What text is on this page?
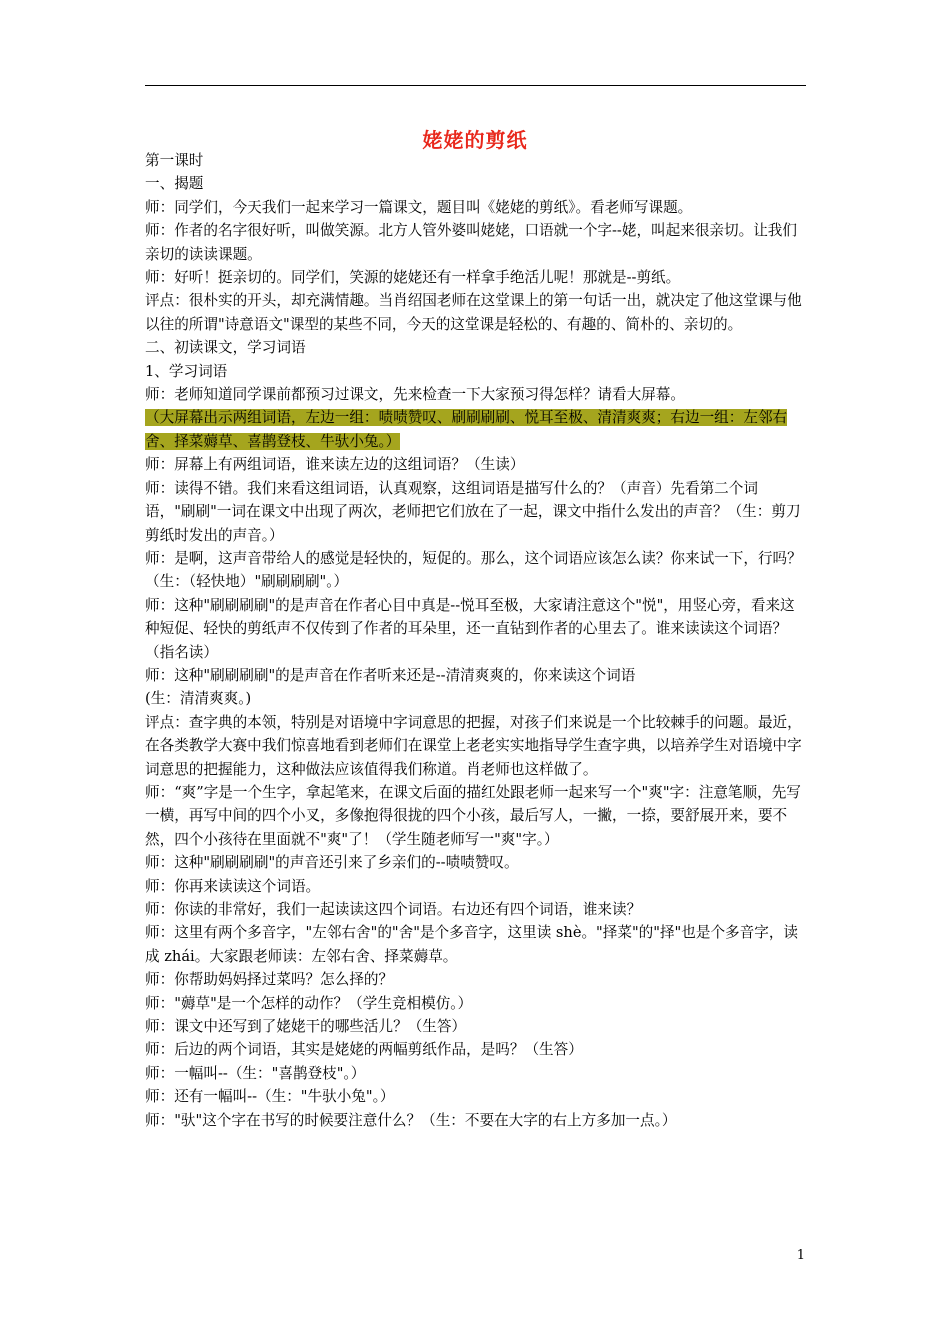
姥姥的剪纸

第一课时

一、揭题

师：同学们，今天我们一起来学习一篇课文，题目叫《姥姥的剪纸》。看老师写课题。

师：作者的名字很好听，叫做笑源。北方人管外婆叫姥姥，口语就一个字--姥，叫起来很亲切。让我们亲切的读读课题。

师：好听！挺亲切的。同学们，笑源的姥姥还有一样拿手绝活儿呢！那就是--剪纸。

评点：很朴实的开头，却充满情趣。当肖绍国老师在这堂课上的第一句话一出，就决定了他这堂课与他以往的所谓"诗意语文"课型的某些不同，今天的这堂课是轻松的、有趣的、简朴的、亲切的。

二、初读课文，学习词语

1、学习词语

师：老师知道同学课前都预习过课文，先来检查一下大家预习得怎样？请看大屏幕。

（大屏幕出示两组词语，左边一组：啧啧赞叹、刷刷刷刷、悦耳至极、清清爽爽；右边一组：左邻右舍、择菜薅草、喜鹊登枝、牛驮小兔。）

师：屏幕上有两组词语，谁来读左边的这组词语？（生读）

师：读得不错。我们来看这组词语，认真观察，这组词语是描写什么的？（声音）先看第二个词语，"刷刷"一词在课文中出现了两次，老师把它们放在了一起，课文中指什么发出的声音？（生：剪刀剪纸时发出的声音。）

师：是啊，这声音带给人的感觉是轻快的，短促的。那么，这个词语应该怎么读？你来试一下，行吗？（生：（轻快地）"刷刷刷刷"。）

师：这种"刷刷刷刷"的是声音在作者心目中真是--悦耳至极，大家请注意这个"悦"，用竖心旁，看来这种短促、轻快的剪纸声不仅传到了作者的耳朵里，还一直钻到作者的心里去了。谁来读读这个词语？（指名读）

师：这种"刷刷刷刷"的是声音在作者听来还是--清清爽爽的，你来读这个词语

(生：清清爽爽。)

评点：查字典的本领，特别是对语境中字词意思的把握，对孩子们来说是一个比较棘手的问题。最近，在各类教学大赛中我们惊喜地看到老师们在课堂上老老实实地指导学生查字典，以培养学生对语境中字词意思的把握能力，这种做法应该值得我们称道。肖老师也这样做了。

师：“爽”字是一个生字，拿起笔来，在课文后面的描红处跟老师一起来写一个"爽"字：注意笔顺，先写一横，再写中间的四个小叉，多像抱得很拢的四个小孩，最后写人，一撇，一捺，要舒展开来，要不然，四个小孩待在里面就不"爽"了！（学生随老师写一"爽"字。）

师：这种"刷刷刷刷"的声音还引来了乡亲们的--啧啧赞叹。

师：你再来读读这个词语。

师：你读的非常好，我们一起读读这四个词语。右边还有四个词语，谁来读？

师：这里有两个多音字，"左邻右舍"的"舍"是个多音字，这里读 shè。"择菜"的"择"也是个多音字，读成 zhái。大家跟老师读：左邻右舍、择菜薅草。

师：你帮助妈妈择过菜吗？怎么择的？

师："薅草"是一个怎样的动作？（学生竞相模仿。）

师：课文中还写到了姥姥干的哪些活儿？（生答）

师：后边的两个词语，其实是姥姥的两幅剪纸作品，是吗？（生答）

师：一幅叫--（生："喜鹊登枝"。）

师：还有一幅叫--（生："牛驮小兔"。）

师："驮"这个字在书写的时候要注意什么？（生：不要在大字的右上方多加一点。）

1
